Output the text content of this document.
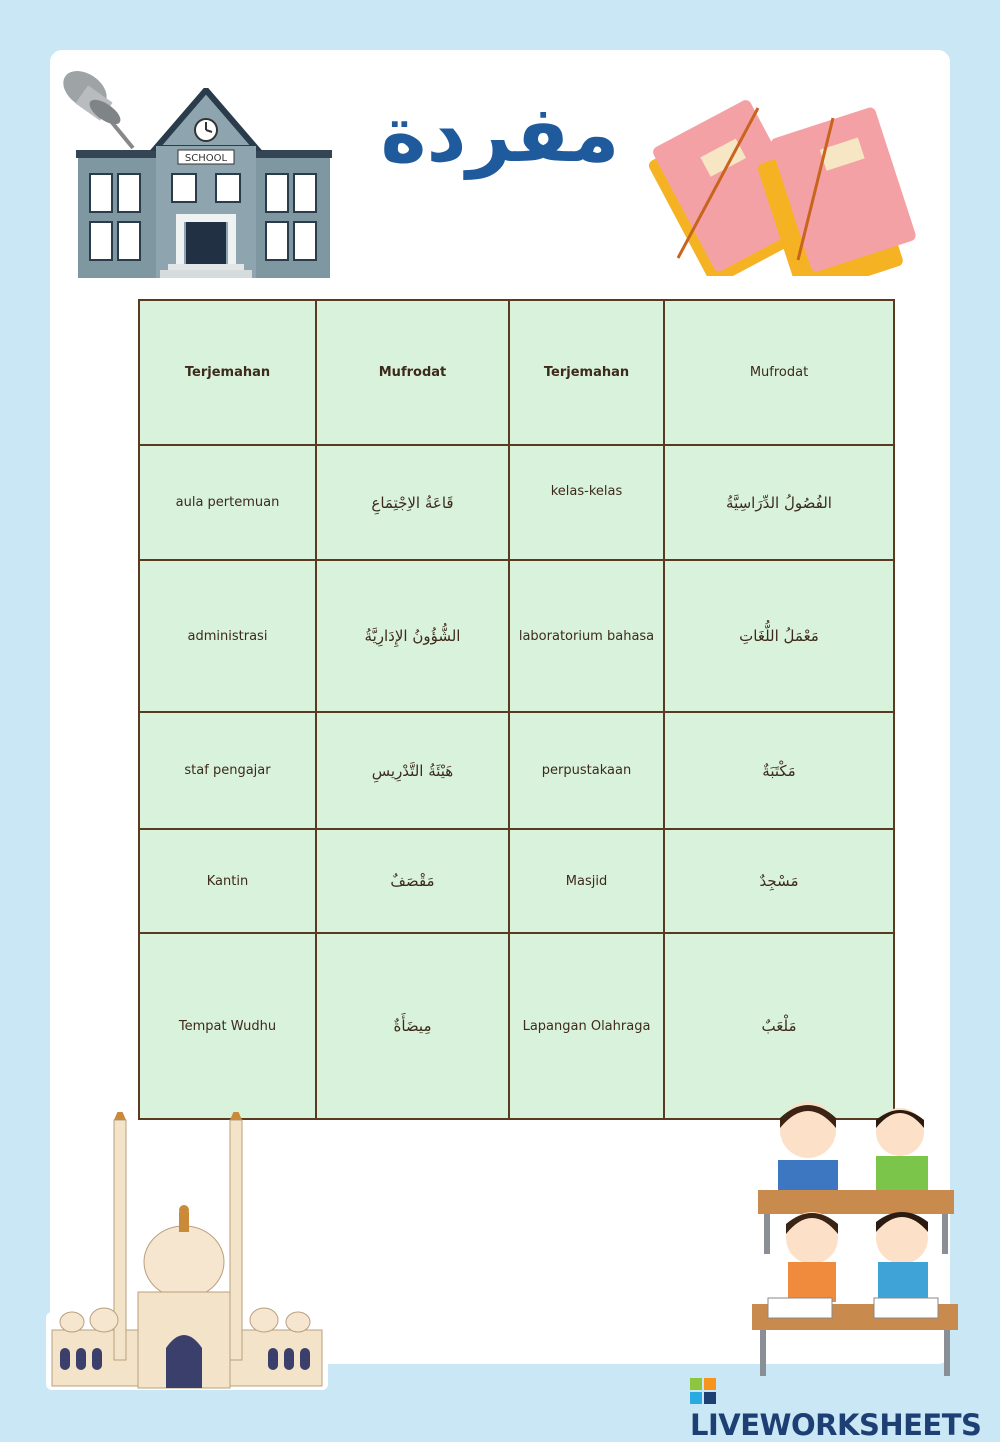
SCHOOL مفردة
Terjemahan	Mufrodat	Terjemahan	Mufrodat
aula pertemuan	قَاعَةُ الاِجْتِمَاعِ	kelas-kelas	الفُصُولُ الدِّرَاسِيَّةُ
administrasi	الشُّؤُونُ الإِدَارِيَّةُ	laboratorium bahasa	مَعْمَلُ اللُّغَاتِ
staf pengajar	هَيْئَةُ التَّدْرِيسِ	perpustakaan	مَكْتَبَةٌ
Kantin	مَقْصَفٌ	Masjid	مَسْجِدٌ
Tempat Wudhu	مِيضَأَةٌ	Lapangan Olahraga	مَلْعَبٌ
LIVEWORKSHEETS
